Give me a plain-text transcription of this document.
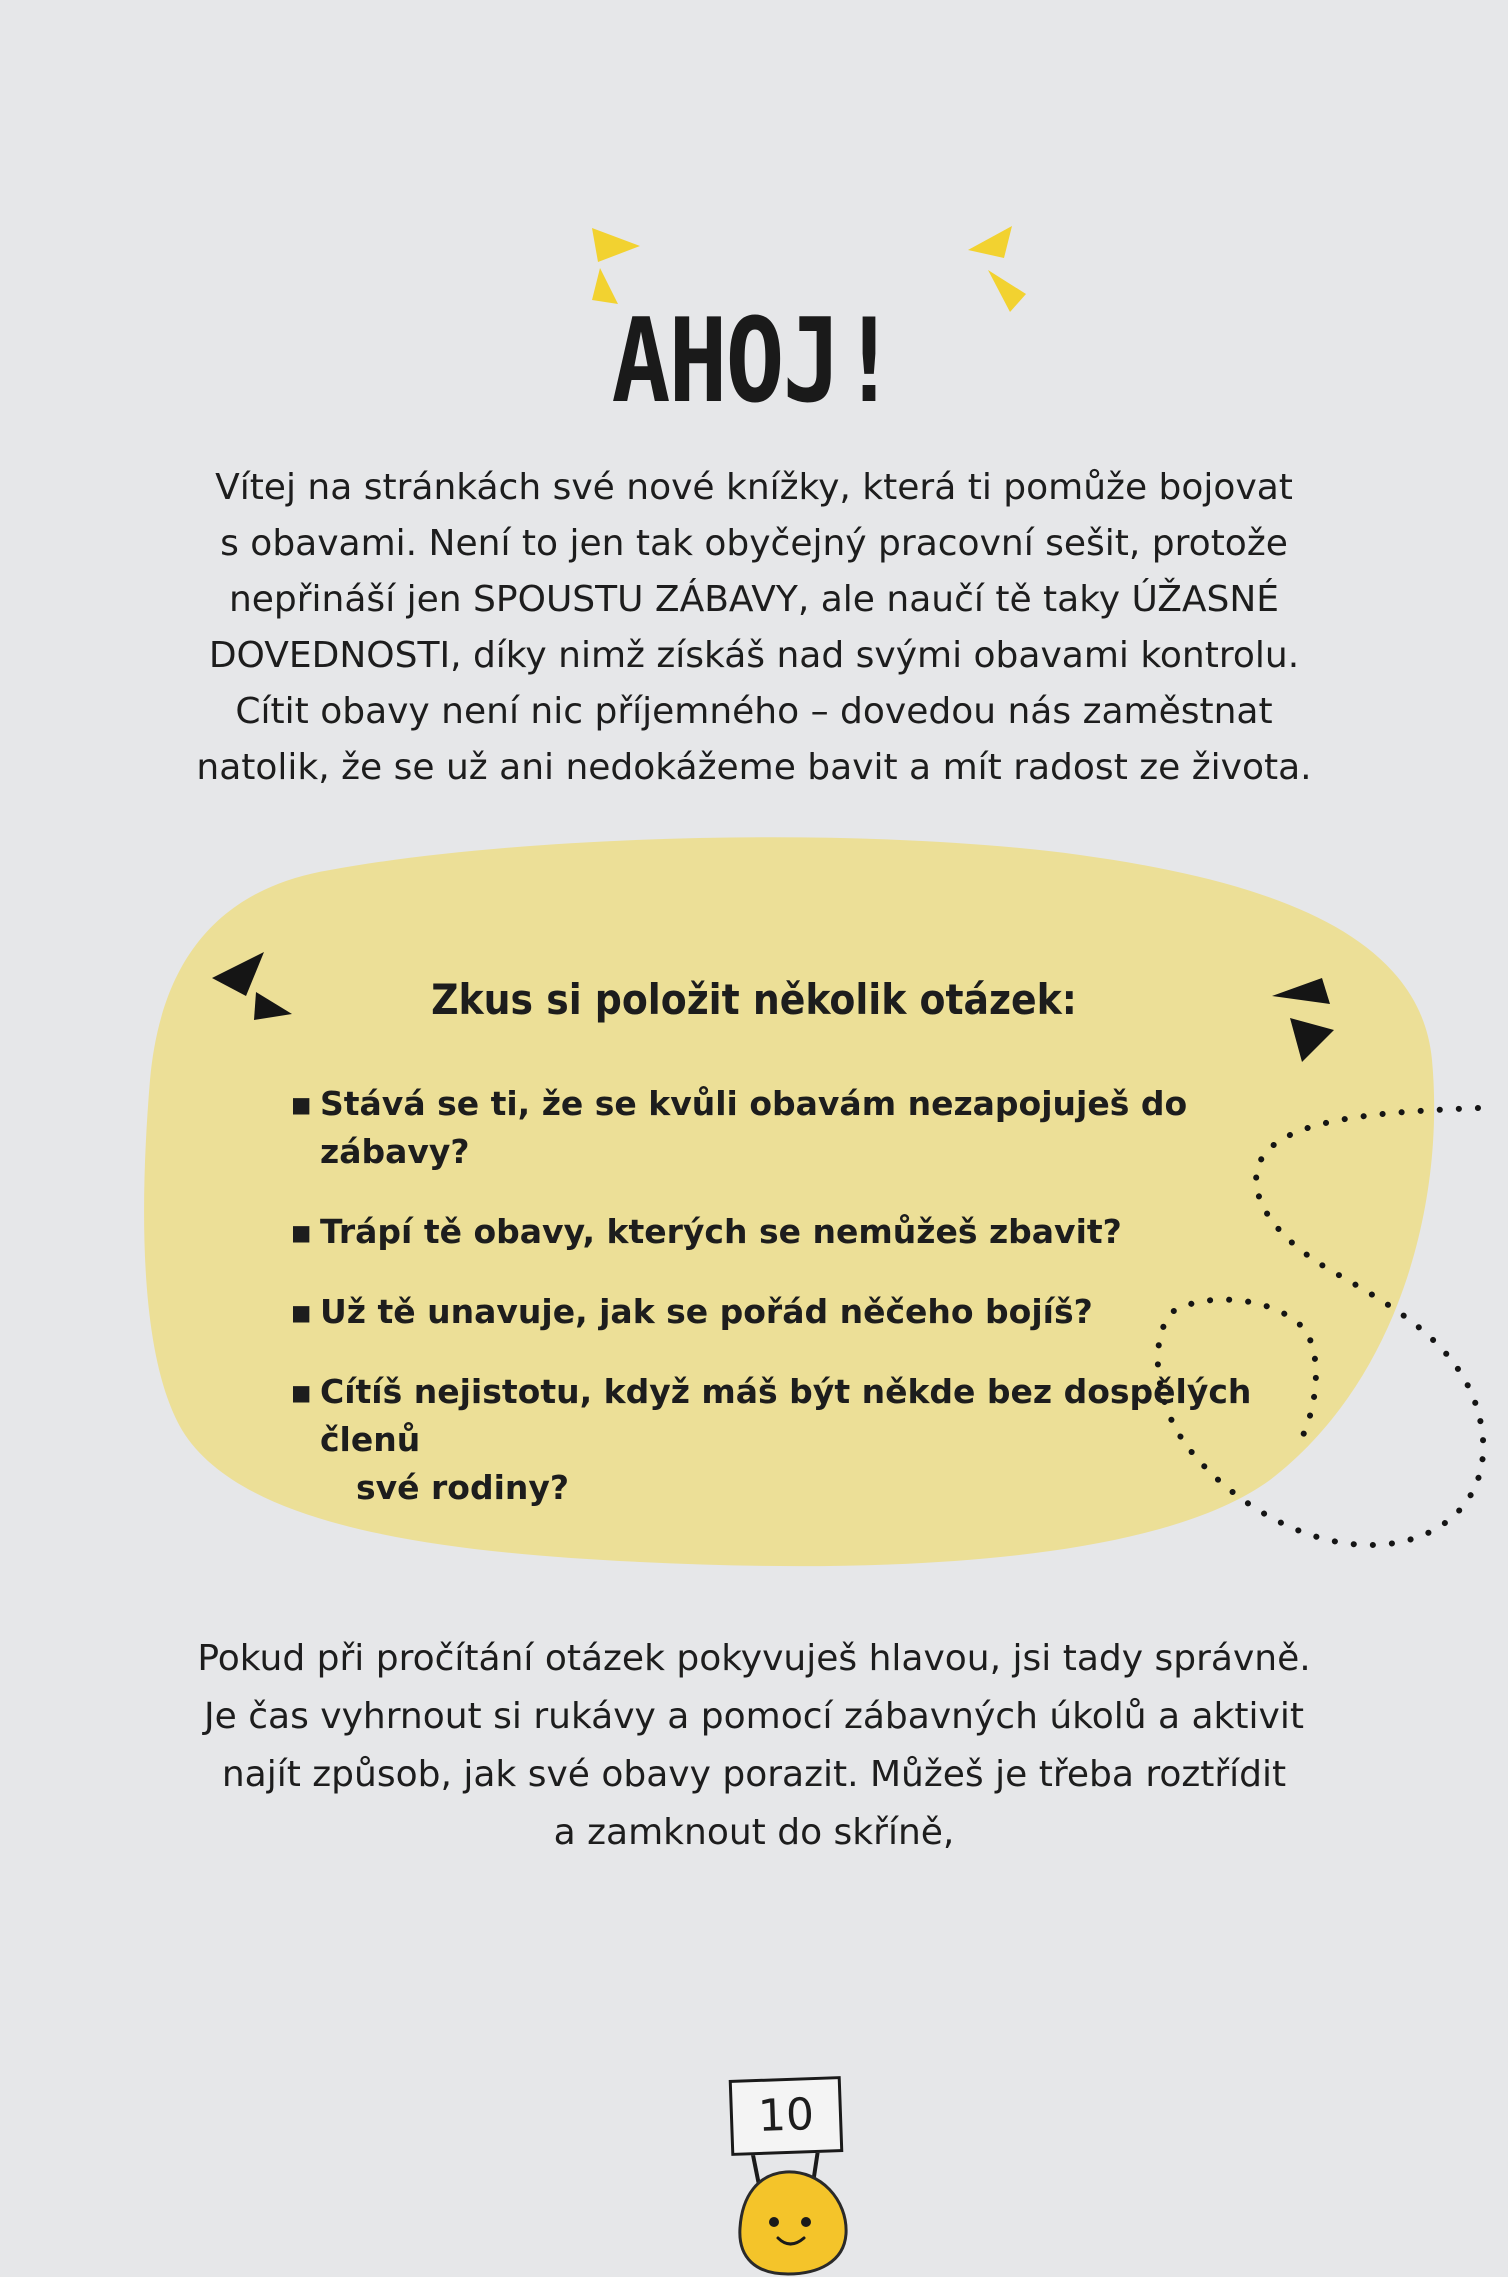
AHOJ!
Vítej na stránkách své nové knížky, která ti pomůže bojovat
s obavami. Není to jen tak obyčejný pracovní sešit, protože
nepřináší jen SPOUSTU ZÁBAVY, ale naučí tě taky ÚŽASNÉ
DOVEDNOSTI, díky nimž získáš nad svými obavami kontrolu.
Cítit obavy není nic příjemného – dovedou nás zaměstnat
natolik, že se už ani nedokážeme bavit a mít radost ze života.
Zkus si položit několik otázek:
▪ Stává se ti, že se kvůli obavám nezapojuješ do zábavy?
▪ Trápí tě obavy, kterých se nemůžeš zbavit?
▪ Už tě unavuje, jak se pořád něčeho bojíš?
▪ Cítíš nejistotu, když máš být někde bez dospělých členů
své rodiny?
Pokud při pročítání otázek pokyvuješ hlavou, jsi tady správně.
Je čas vyhrnout si rukávy a pomocí zábavných úkolů a aktivit
najít způsob, jak své obavy porazit. Můžeš je třeba roztřídit
a zamknout do skříně,
10
